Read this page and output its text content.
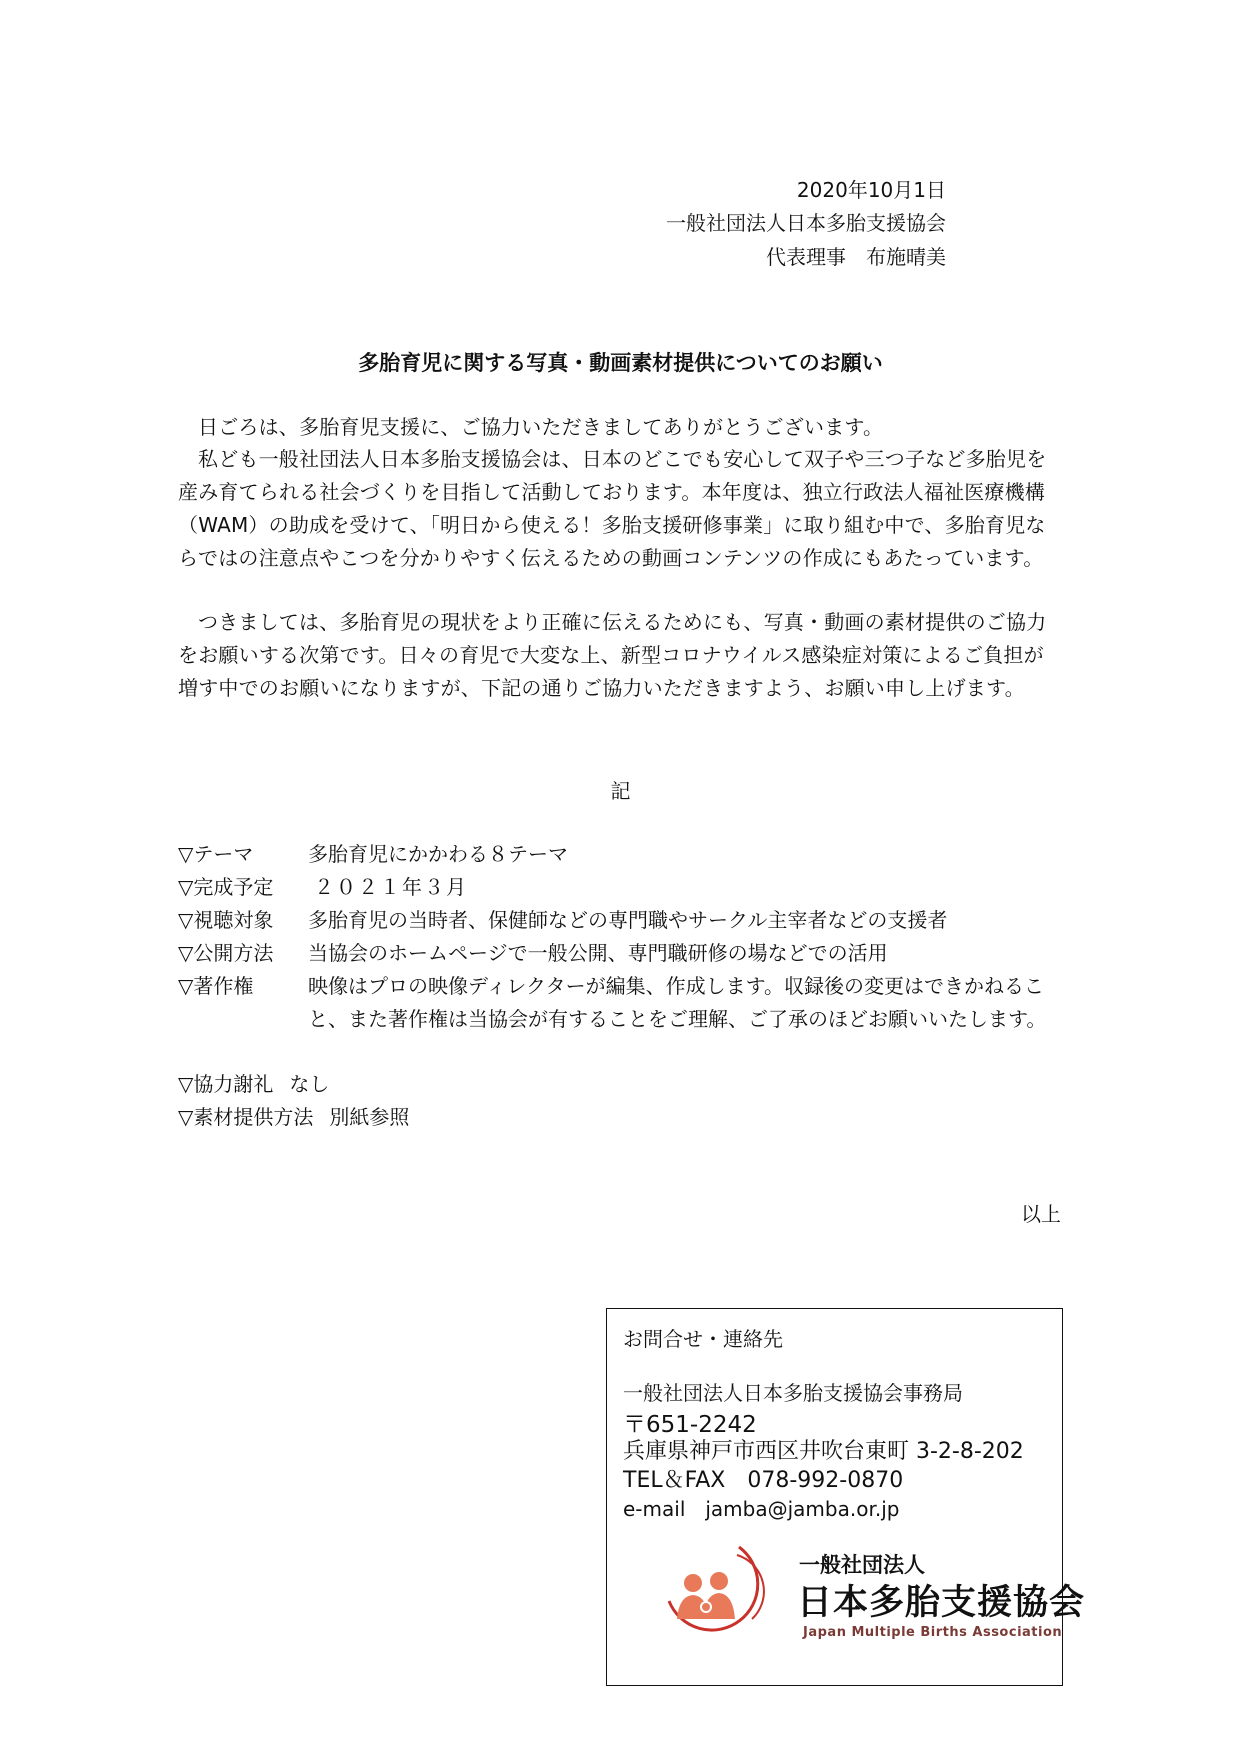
2020年10月1日
一般社団法人日本多胎支援協会
代表理事　布施晴美
多胎育児に関する写真・動画素材提供についてのお願い
日ごろは、多胎育児支援に、ご協力いただきましてありがとうございます。
私ども一般社団法人日本多胎支援協会は、日本のどこでも安心して双子や三つ子など多胎児を産み育てられる社会づくりを目指して活動しております。本年度は、独立行政法人福祉医療機構（WAM）の助成を受けて、「明日から使える！多胎支援研修事業」に取り組む中で、多胎育児ならではの注意点やこつを分かりやすく伝えるための動画コンテンツの作成にもあたっています。
つきましては、多胎育児の現状をより正確に伝えるためにも、写真・動画の素材提供のご協力をお願いする次第です。日々の育児で大変な上、新型コロナウイルス感染症対策によるご負担が増す中でのお願いになりますが、下記の通りご協力いただきますよう、お願い申し上げます。
記
▽テーマ	多胎育児にかかわる８テーマ
▽完成予定 ２０２１年３月
▽視聴対象 多胎育児の当時者、保健師などの専門職やサークル主宰者などの支援者
▽公開方法 当協会のホームページで一般公開、専門職研修の場などでの活用
▽著作権	映像はプロの映像ディレクターが編集、作成します。収録後の変更はできかねること、また著作権は当協会が有することをご理解、ご了承のほどお願いいたします。
▽協力謝礼 なし
▽素材提供方法 別紙参照
以上
お問合せ・連絡先
一般社団法人日本多胎支援協会事務局
〒651-2242
兵庫県神戸市西区井吹台東町 3-2-8-202
TEL＆FAX　078-992-0870
e-mail　jamba@jamba.or.jp
一般社団法人
日本多胎支援協会
Japan Multiple Births Association
